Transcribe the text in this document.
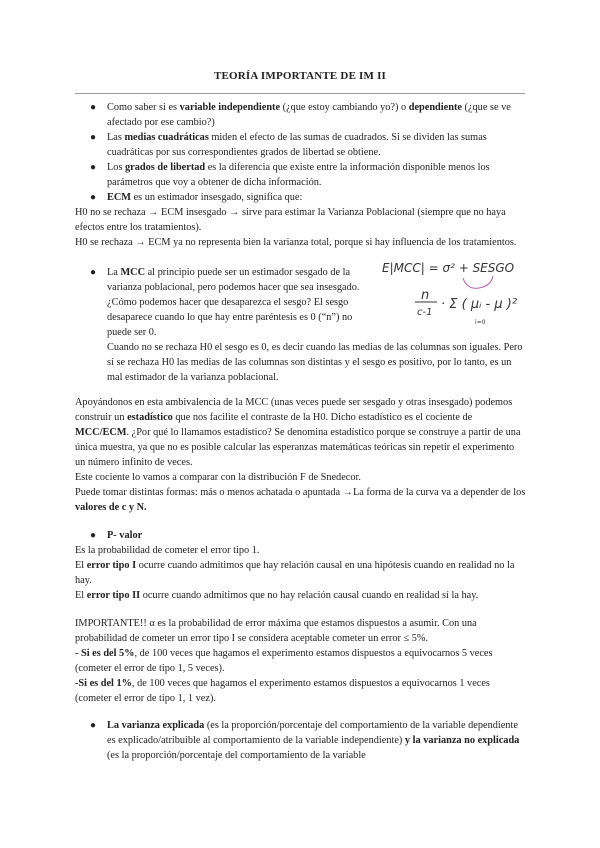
TEORÍA IMPORTANTE DE IM II
● Como saber si es variable independiente (¿que estoy cambiando yo?) o dependiente (¿que se ve afectado por ese cambio?)

● Las medias cuadráticas miden el efecto de las sumas de cuadrados. Si se dividen las sumas cuadráticas por sus correspondientes grados de libertad se obtiene.

● Los grados de libertad es la diferencia que existe entre la información disponible menos los parámetros que voy a obtener de dicha información.

● ECM es un estimador insesgado, significa que:

H0 no se rechaza → ECM insesgado → sirve para estimar la Varianza Poblacional (siempre que no haya efectos entre los tratamientos).

H0 se rechaza → ECM ya no representa bien la varianza total, porque si hay influencia de los tratamientos.

● La MCC al principio puede ser un estimador sesgado de la varianza poblacional, pero podemos hacer que sea insesgado. ¿Cómo podemos hacer que desaparezca el sesgo? El sesgo desaparece cuando lo que hay entre paréntesis es 0 (“n”) no puede ser 0.

Cuando no se rechaza H0 el sesgo es 0, es decir cuando las medias de las columnas son iguales. Pero si se rechaza H0 las medias de las columnas son distintas y el sesgo es positivo, por lo tanto, es un mal estimador de la varianza poblacional.

E|MCC| = σ² + SESGO
n
c-1
· Σ ( μᵢ - μ )²
i=0

Apoyándonos en esta ambivalencia de la MCC (unas veces puede ser sesgado y otras insesgado) podemos construir un estadístico que nos facilite el contraste de la H0. Dicho estadístico es el cociente de MCC/ECM. ¿Por qué lo llamamos estadístico? Se denomina estadístico porque se construye a partir de una única muestra, ya que no es posible calcular las esperanzas matemáticas teóricas sin repetir el experimento un número infinito de veces.

Este cociente lo vamos a comparar con la distribución F de Snedecor.

Puede tomar distintas formas: más o menos achatada o apuntada →La forma de la curva va a depender de los valores de c y N.

● P- valor

Es la probabilidad de cometer el error tipo 1.

El error tipo I ocurre cuando admitimos que hay relación causal en una hipótesis cuando en realidad no la hay.

El error tipo II ocurre cuando admitimos que no hay relación causal cuando en realidad sí la hay.

IMPORTANTE!! α es la probabilidad de error máxima que estamos dispuestos a asumir. Con una probabilidad de cometer un error tipo I se considera aceptable cometer un error ≤ 5%.

- Si es del 5%, de 100 veces que hagamos el experimento estamos dispuestos a equivocarnos 5 veces (cometer el error de tipo 1, 5 veces).

-Si es del 1%, de 100 veces que hagamos el experimento estamos dispuestos a equivocarnos 1 veces (cometer el error de tipo 1, 1 vez).

● La varianza explicada (es la proporción/porcentaje del comportamiento de la variable dependiente es explicado/atribuible al comportamiento de la variable independiente) y la varianza no explicada (es la proporción/porcentaje del comportamiento de la variable
